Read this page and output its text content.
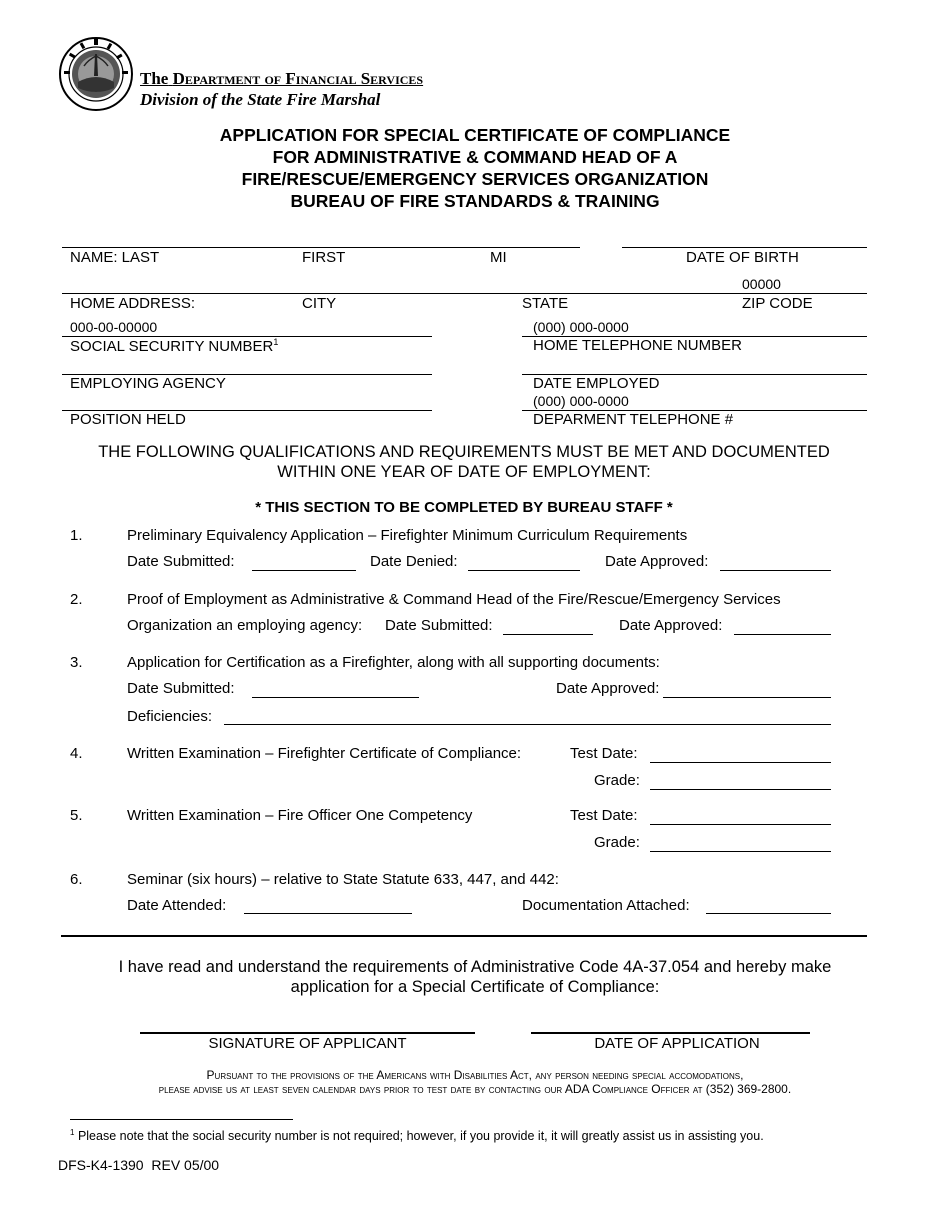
The Department of Financial Services
Division of the State Fire Marshal
APPLICATION FOR SPECIAL CERTIFICATE OF COMPLIANCE
FOR ADMINISTRATIVE & COMMAND HEAD OF A
FIRE/RESCUE/EMERGENCY SERVICES ORGANIZATION
BUREAU OF FIRE STANDARDS & TRAINING
NAME: LAST	FIRST	MI	DATE OF BIRTH
00000
HOME ADDRESS:	CITY	STATE	ZIP CODE
000-00-00000	(000) 000-0000
SOCIAL SECURITY NUMBER$^1$	HOME TELEPHONE NUMBER
EMPLOYING AGENCY	DATE EMPLOYED
(000) 000-0000
POSITION HELD	DEPARMENT TELEPHONE #
THE FOLLOWING QUALIFICATIONS AND REQUIREMENTS MUST BE MET AND DOCUMENTED
WITHIN ONE YEAR OF DATE OF EMPLOYMENT:
* THIS SECTION TO BE COMPLETED BY BUREAU STAFF *
1.	Preliminary Equivalency Application – Firefighter Minimum Curriculum Requirements
Date Submitted:	Date Denied:	Date Approved:
2.	Proof of Employment as Administrative & Command Head of the Fire/Rescue/Emergency Services
Organization an employing agency: Date Submitted:	Date Approved:
3.	Application for Certification as a Firefighter, along with all supporting documents:
Date Submitted:	Date Approved:
Deficiencies:
4.	Written Examination – Firefighter Certificate of Compliance:	Test Date:
Grade:
5.	Written Examination – Fire Officer One Competency	Test Date:
Grade:
6.	Seminar (six hours) – relative to State Statute 633, 447, and 442:
Date Attended:	Documentation Attached:
I have read and understand the requirements of Administrative Code 4A-37.054 and hereby make
application for a Special Certificate of Compliance:
SIGNATURE OF APPLICANT	DATE OF APPLICATION
Pursuant to the provisions of the Americans with Disabilities Act, any person needing special accomodations,
please advise us at least seven calendar days prior to test date by contacting our ADA Compliance Officer at (352) 369-2800.
$^1$ Please note that the social security number is not required; however, if you provide it, it will greatly assist us in assisting you.
DFS-K4-1390  REV 05/00
